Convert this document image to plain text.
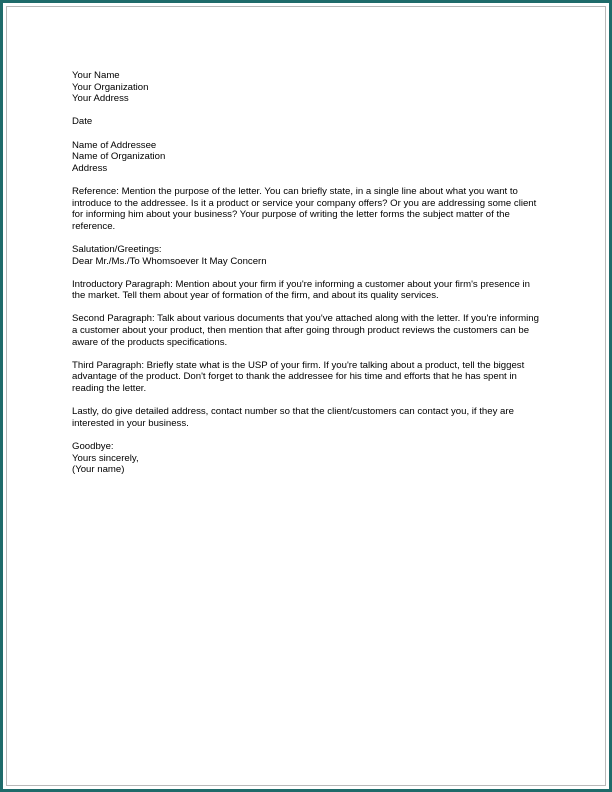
Your Name
Your Organization
Your Address
Date
Name of Addressee
Name of Organization
Address
Reference: Mention the purpose of the letter. You can briefly state, in a single line about what you want to introduce to the addressee. Is it a product or service your company offers? Or you are addressing some client for informing him about your business? Your purpose of writing the letter forms the subject matter of the reference.
Salutation/Greetings:
Dear Mr./Ms./To Whomsoever It May Concern
Introductory Paragraph: Mention about your firm if you're informing a customer about your firm's presence in the market. Tell them about year of formation of the firm, and about its quality services.
Second Paragraph: Talk about various documents that you've attached along with the letter. If you're informing a customer about your product, then mention that after going through product reviews the customers can be aware of the products specifications.
Third Paragraph: Briefly state what is the USP of your firm. If you're talking about a product, tell the biggest advantage of the product. Don't forget to thank the addressee for his time and efforts that he has spent in reading the letter.
Lastly, do give detailed address, contact number so that the client/customers can contact you, if they are interested in your business.
Goodbye:
Yours sincerely,
(Your name)
